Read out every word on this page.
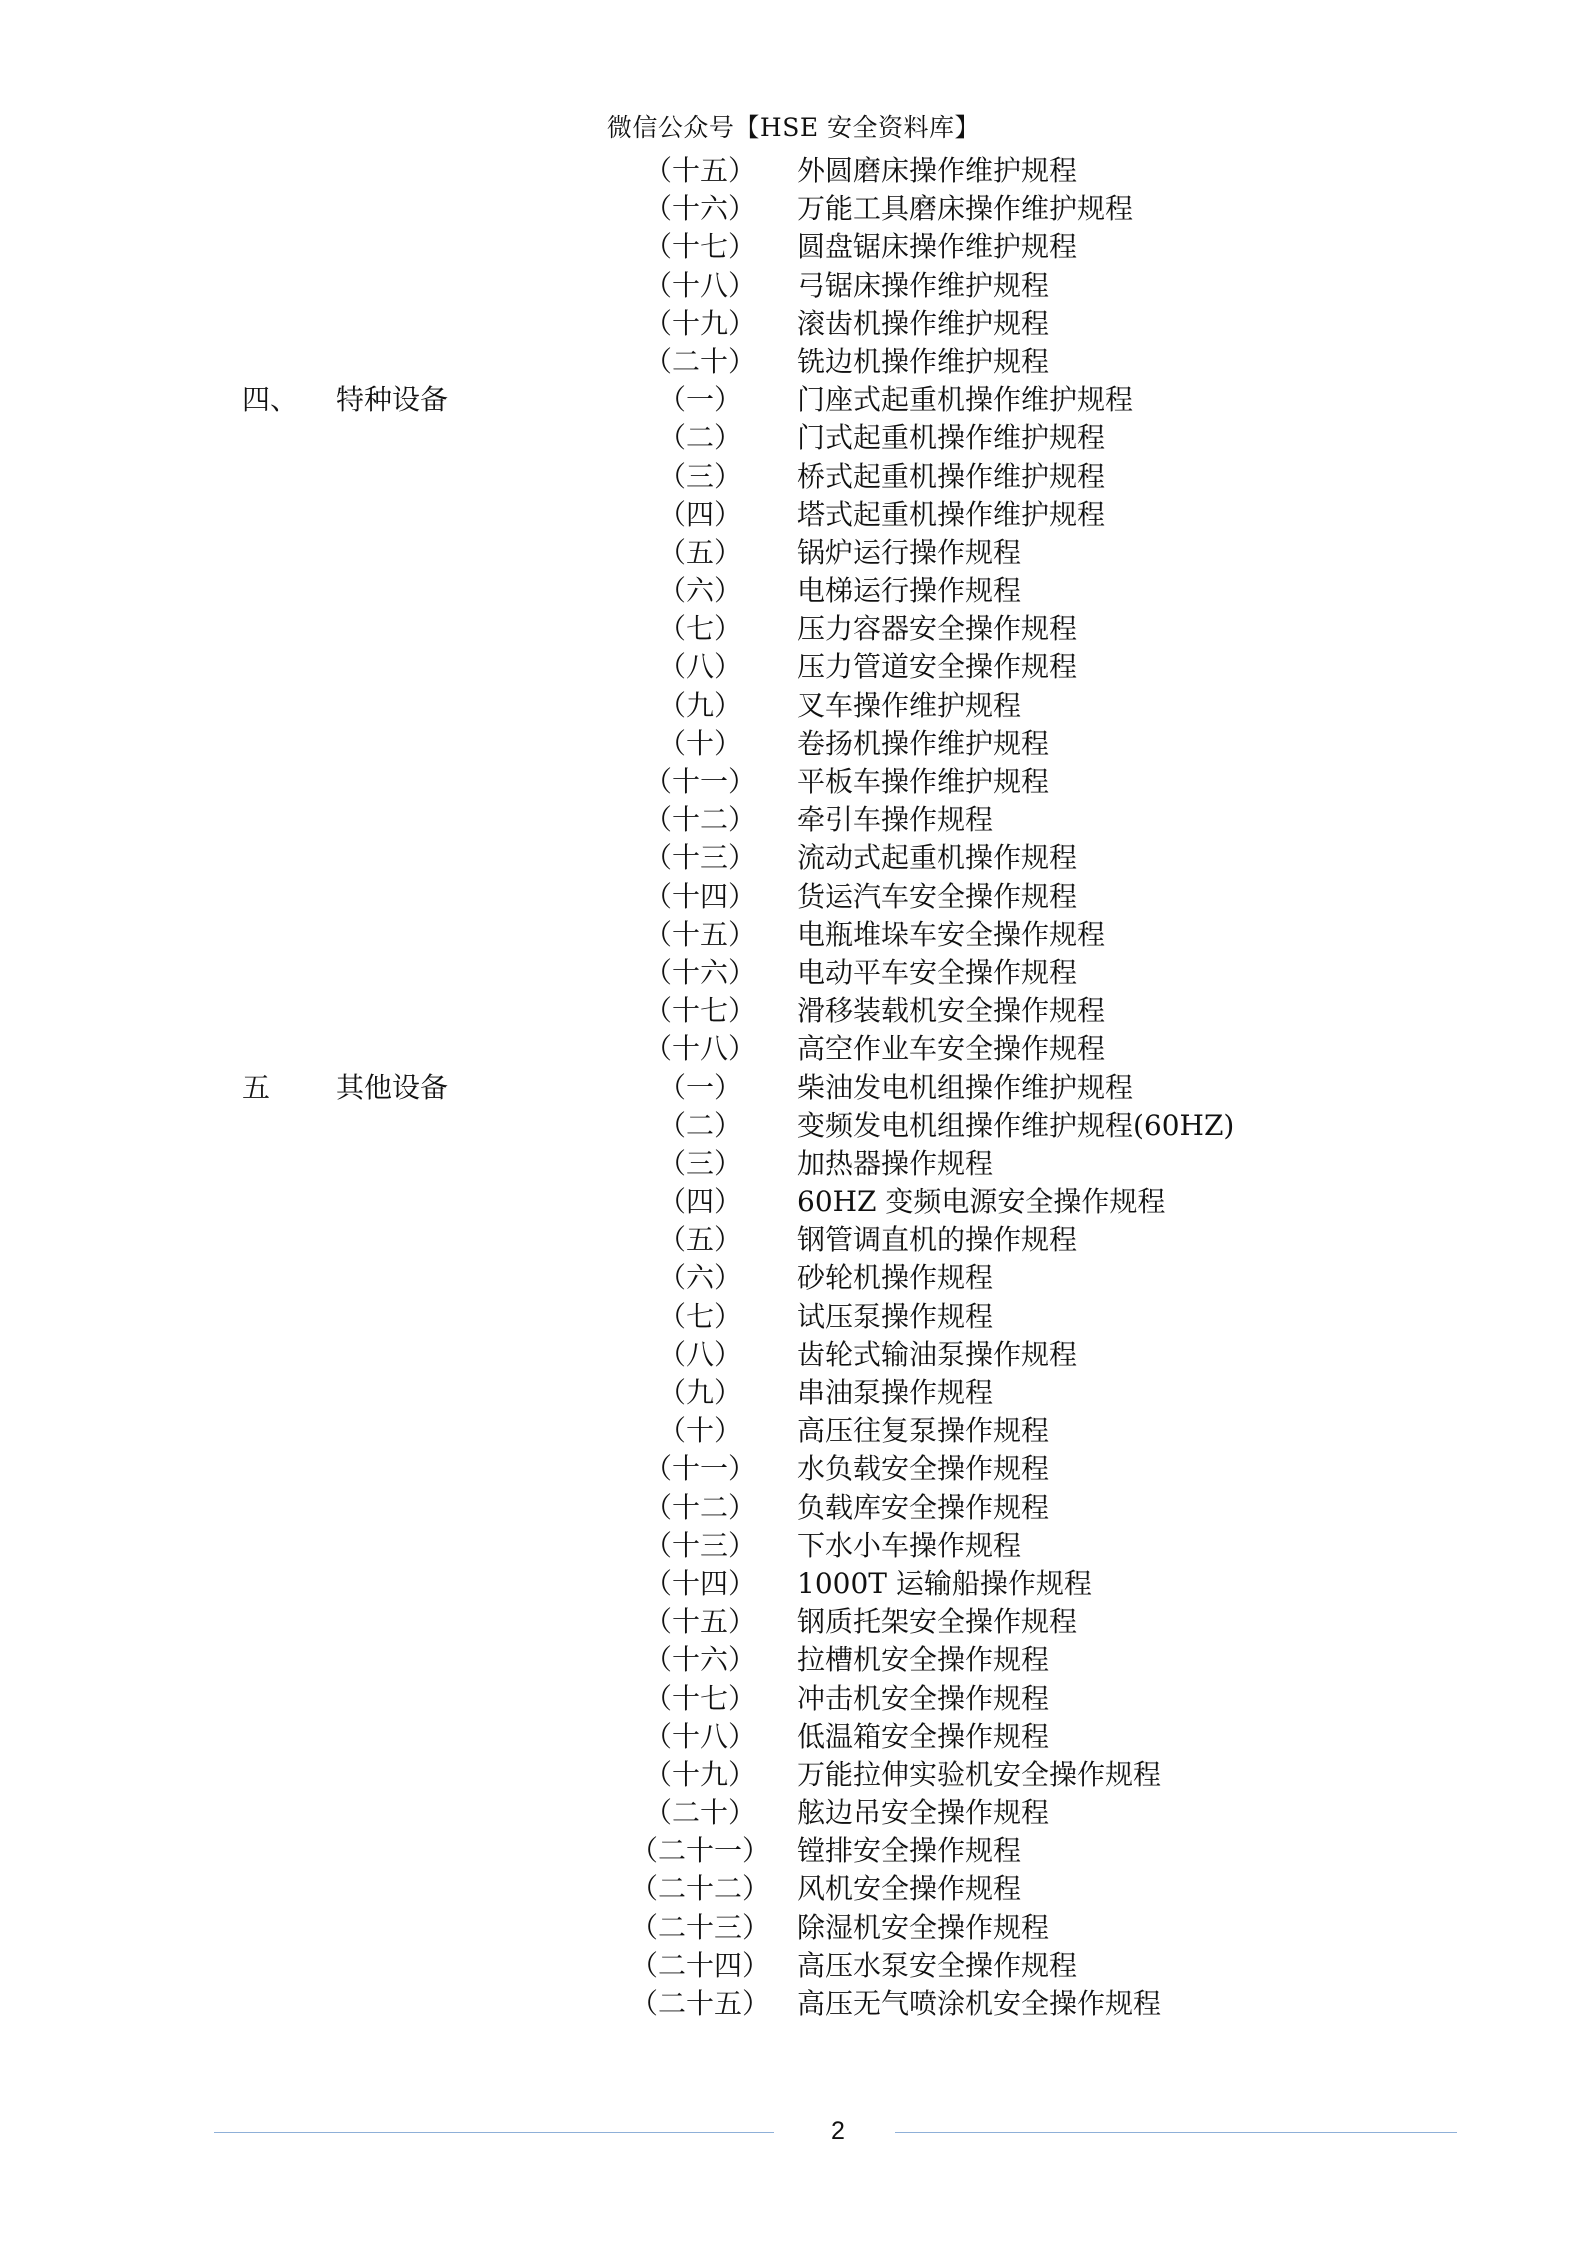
微信公众号【HSE 安全资料库】
（十五） 外圆磨床操作维护规程
（十六） 万能工具磨床操作维护规程
（十七） 圆盘锯床操作维护规程
（十八） 弓锯床操作维护规程
（十九） 滚齿机操作维护规程
（二十） 铣边机操作维护规程
四、 特种设备	（一） 门座式起重机操作维护规程
（二） 门式起重机操作维护规程
（三） 桥式起重机操作维护规程
（四） 塔式起重机操作维护规程
（五） 锅炉运行操作规程
（六） 电梯运行操作规程
（七） 压力容器安全操作规程
（八） 压力管道安全操作规程
（九） 叉车操作维护规程
（十） 卷扬机操作维护规程
（十一） 平板车操作维护规程
（十二） 牵引车操作规程
（十三） 流动式起重机操作规程
（十四） 货运汽车安全操作规程
（十五） 电瓶堆垛车安全操作规程
（十六） 电动平车安全操作规程
（十七） 滑移装载机安全操作规程
（十八） 高空作业车安全操作规程
五 其他设备	（一） 柴油发电机组操作维护规程
（二） 变频发电机组操作维护规程(60HZ)
（三） 加热器操作规程
（四） 60HZ 变频电源安全操作规程
（五） 钢管调直机的操作规程
（六） 砂轮机操作规程
（七） 试压泵操作规程
（八） 齿轮式输油泵操作规程
（九） 串油泵操作规程
（十） 高压往复泵操作规程
（十一） 水负载安全操作规程
（十二） 负载库安全操作规程
（十三） 下水小车操作规程
（十四） 1000T 运输船操作规程
（十五） 钢质托架安全操作规程
（十六） 拉槽机安全操作规程
（十七） 冲击机安全操作规程
（十八） 低温箱安全操作规程
（十九） 万能拉伸实验机安全操作规程
（二十） 舷边吊安全操作规程
（二十一） 镗排安全操作规程
（二十二） 风机安全操作规程
（二十三） 除湿机安全操作规程
（二十四） 高压水泵安全操作规程
（二十五） 高压无气喷涂机安全操作规程
2
